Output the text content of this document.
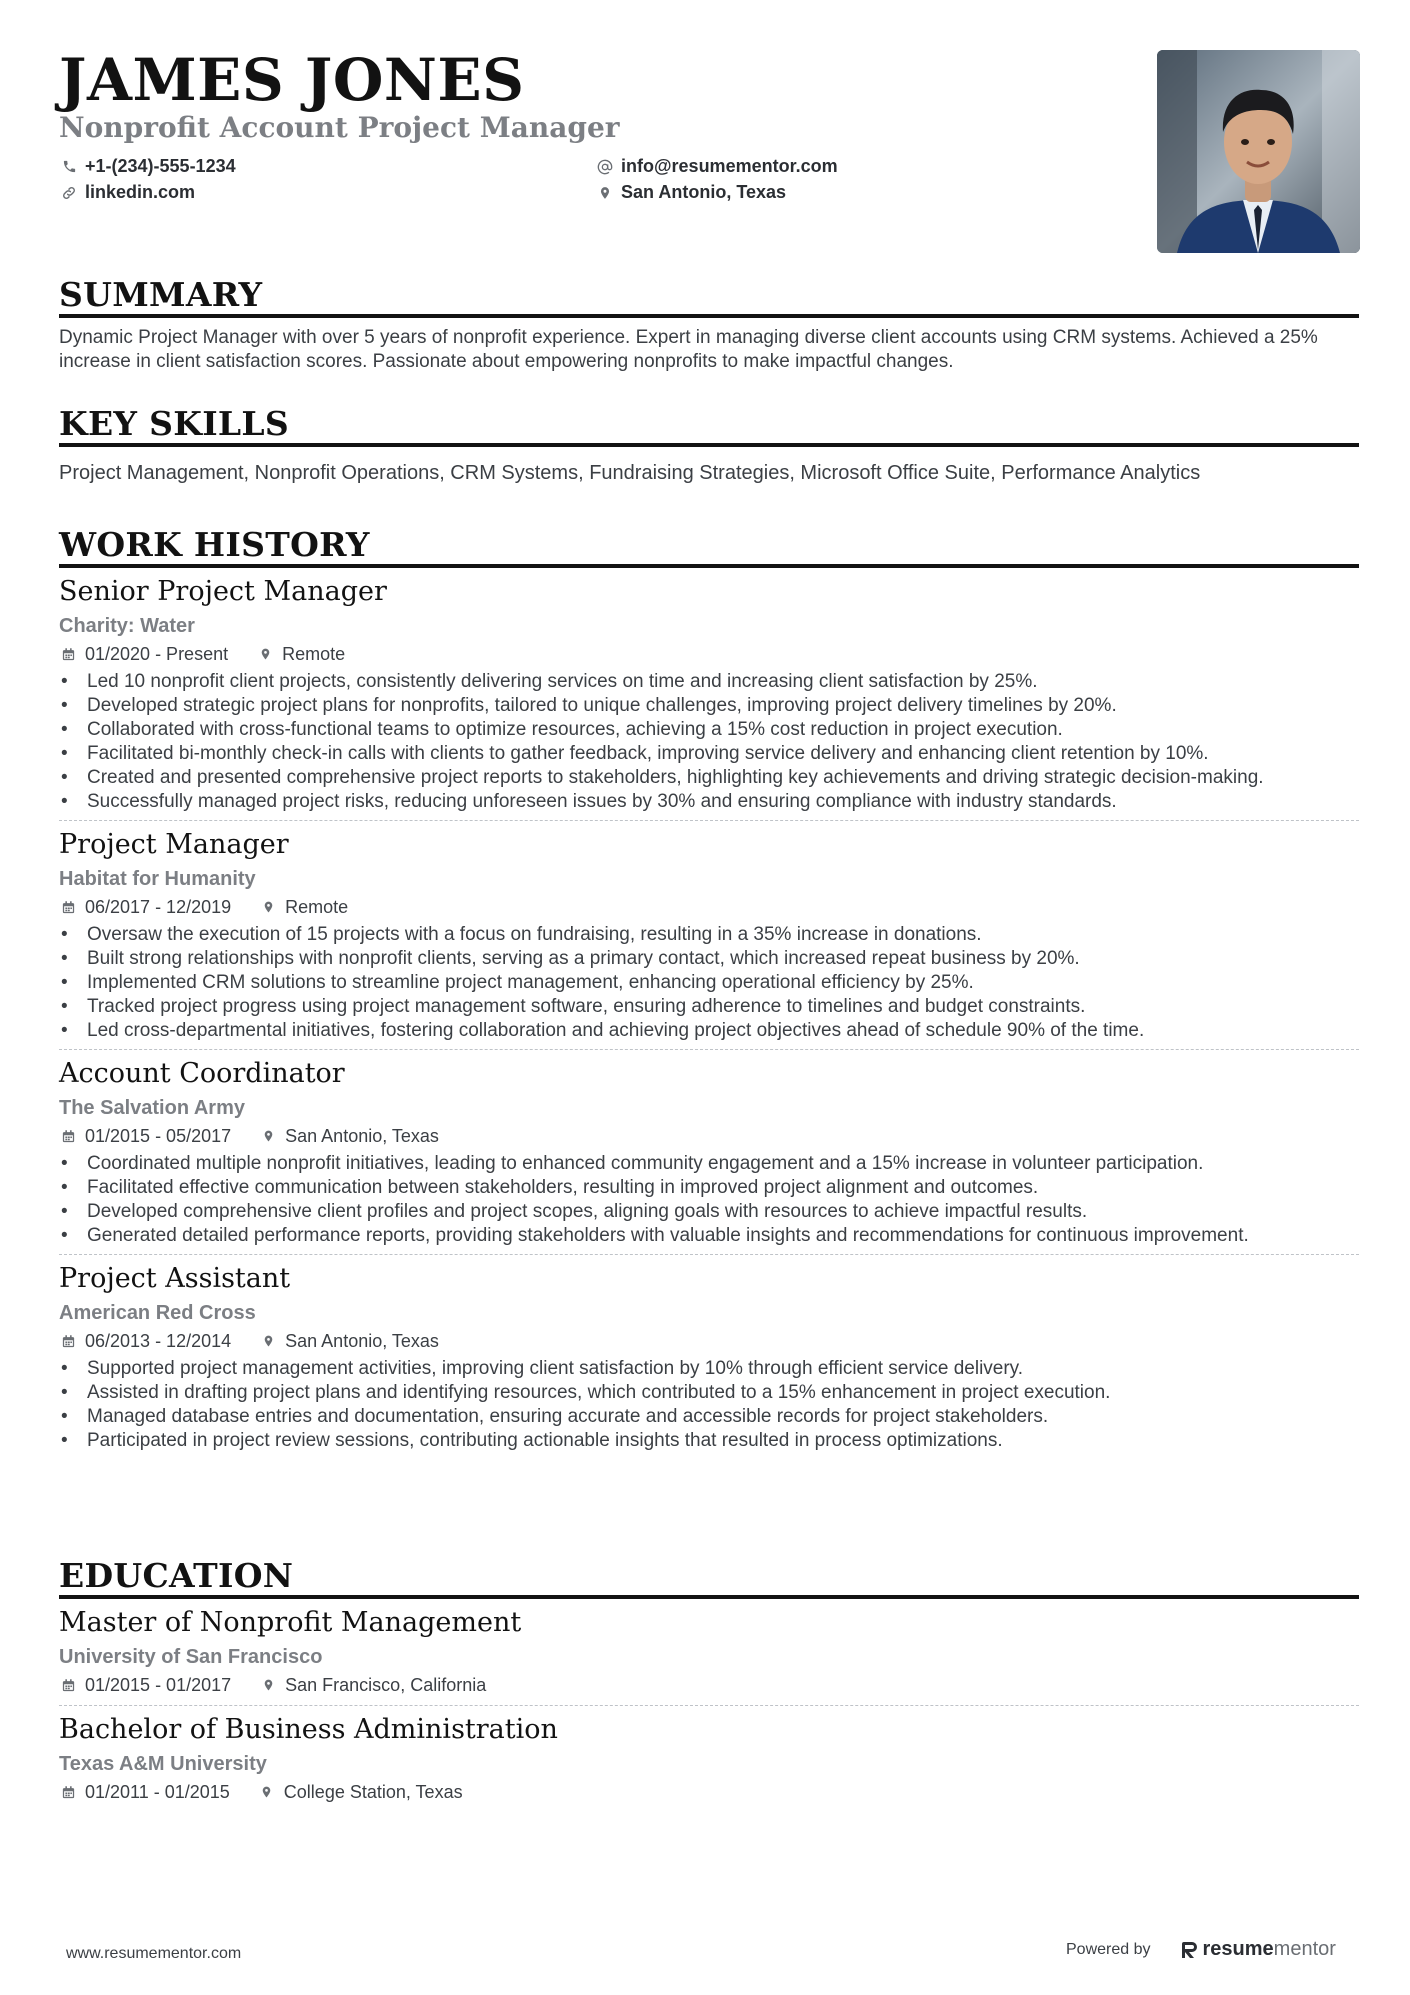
JAMES JONES
Nonprofit Account Project Manager
+1-(234)-555-1234
linkedin.com
info@resumementor.com
San Antonio, Texas
SUMMARY
Dynamic Project Manager with over 5 years of nonprofit experience. Expert in managing diverse client accounts using CRM systems. Achieved a 25% increase in client satisfaction scores. Passionate about empowering nonprofits to make impactful changes.
KEY SKILLS
Project Management, Nonprofit Operations, CRM Systems, Fundraising Strategies, Microsoft Office Suite, Performance Analytics
WORK HISTORY
Senior Project Manager
Charity: Water
01/2020 - Present	Remote
• Led 10 nonprofit client projects, consistently delivering services on time and increasing client satisfaction by 25%.
• Developed strategic project plans for nonprofits, tailored to unique challenges, improving project delivery timelines by 20%.
• Collaborated with cross-functional teams to optimize resources, achieving a 15% cost reduction in project execution.
• Facilitated bi-monthly check-in calls with clients to gather feedback, improving service delivery and enhancing client retention by 10%.
• Created and presented comprehensive project reports to stakeholders, highlighting key achievements and driving strategic decision-making.
• Successfully managed project risks, reducing unforeseen issues by 30% and ensuring compliance with industry standards.
Project Manager
Habitat for Humanity
06/2017 - 12/2019	Remote
• Oversaw the execution of 15 projects with a focus on fundraising, resulting in a 35% increase in donations.
• Built strong relationships with nonprofit clients, serving as a primary contact, which increased repeat business by 20%.
• Implemented CRM solutions to streamline project management, enhancing operational efficiency by 25%.
• Tracked project progress using project management software, ensuring adherence to timelines and budget constraints.
• Led cross-departmental initiatives, fostering collaboration and achieving project objectives ahead of schedule 90% of the time.
Account Coordinator
The Salvation Army
01/2015 - 05/2017	San Antonio, Texas
• Coordinated multiple nonprofit initiatives, leading to enhanced community engagement and a 15% increase in volunteer participation.
• Facilitated effective communication between stakeholders, resulting in improved project alignment and outcomes.
• Developed comprehensive client profiles and project scopes, aligning goals with resources to achieve impactful results.
• Generated detailed performance reports, providing stakeholders with valuable insights and recommendations for continuous improvement.
Project Assistant
American Red Cross
06/2013 - 12/2014	San Antonio, Texas
• Supported project management activities, improving client satisfaction by 10% through efficient service delivery.
• Assisted in drafting project plans and identifying resources, which contributed to a 15% enhancement in project execution.
• Managed database entries and documentation, ensuring accurate and accessible records for project stakeholders.
• Participated in project review sessions, contributing actionable insights that resulted in process optimizations.
EDUCATION
Master of Nonprofit Management
University of San Francisco
01/2015 - 01/2017	San Francisco, California
Bachelor of Business Administration
Texas A&M University
01/2011 - 01/2015	College Station, Texas
www.resumementor.com	Powered by	resume mentor
